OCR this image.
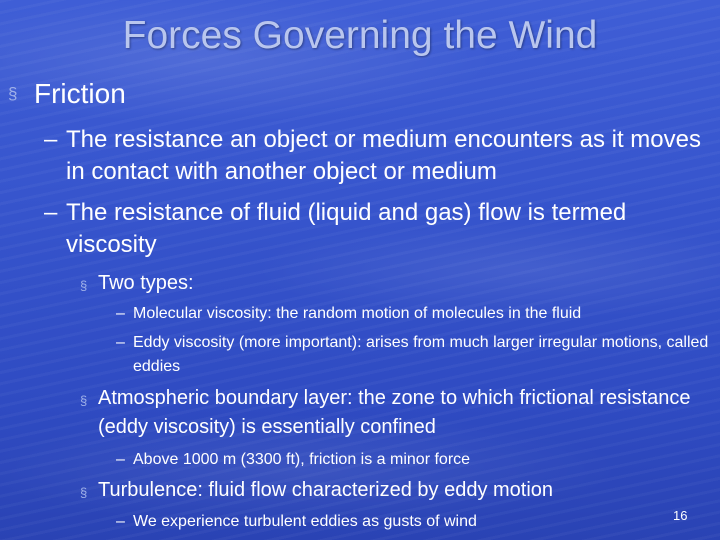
Forces Governing the Wind
§ Friction
– The resistance an object or medium encounters as it moves in contact with another object or medium
– The resistance of fluid (liquid and gas) flow is termed viscosity
§ Two types:
– Molecular viscosity: the random motion of molecules in the fluid
– Eddy viscosity (more important): arises from much larger irregular motions, called eddies
§ Atmospheric boundary layer: the zone to which frictional resistance (eddy viscosity) is essentially confined
– Above 1000 m (3300 ft), friction is a minor force
§ Turbulence: fluid flow characterized by eddy motion
– We experience turbulent eddies as gusts of wind	16
